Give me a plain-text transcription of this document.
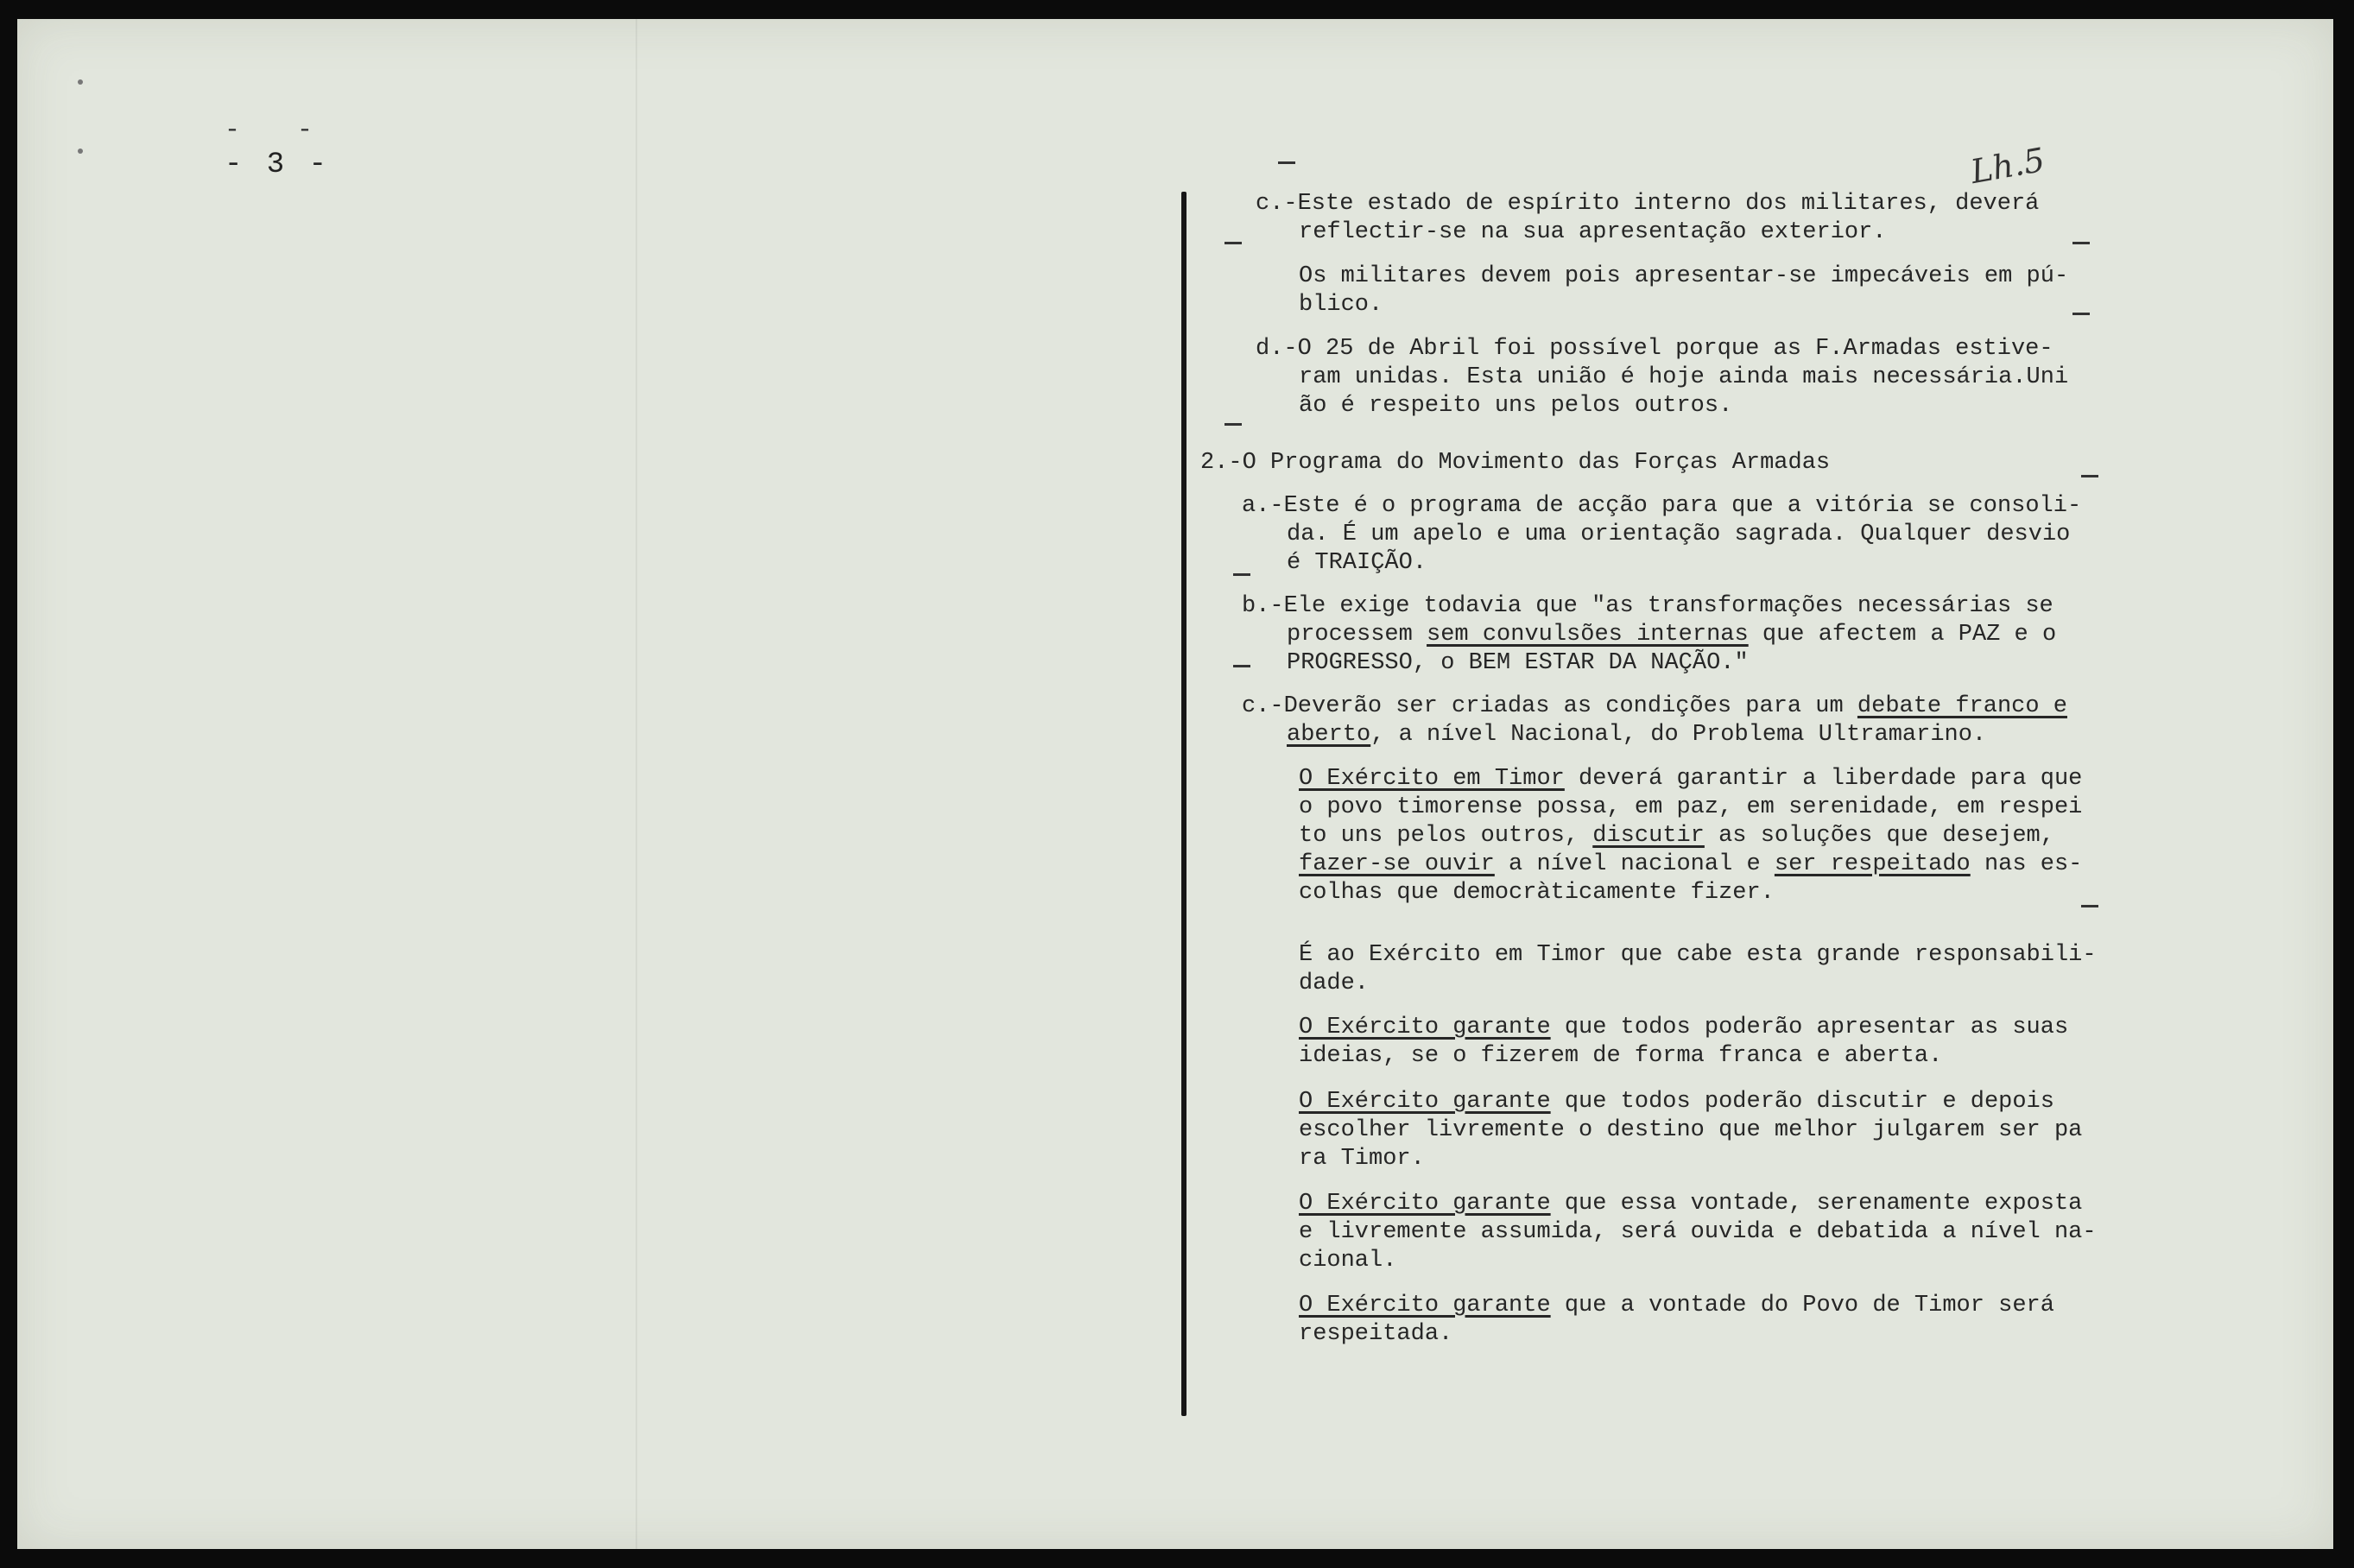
- -
- 3 -	Lh.5
c.-Este estado de espírito interno dos militares, deverá
reflectir-se na sua apresentação exterior.
Os militares devem pois apresentar-se impecáveis em pú-
blico.
d.-O 25 de Abril foi possível porque as F.Armadas estive-
ram unidas. Esta união é hoje ainda mais necessária.Uni
ão é respeito uns pelos outros.
2.-O Programa do Movimento das Forças Armadas
a.-Este é o programa de acção para que a vitória se consoli-
da. É um apelo e uma orientação sagrada. Qualquer desvio
é TRAIÇÃO.
b.-Ele exige todavia que "as transformações necessárias se
processem sem convulsões internas que afectem a PAZ e o
PROGRESSO, o BEM ESTAR DA NAÇÃO."
c.-Deverão ser criadas as condições para um debate franco e
aberto, a nível Nacional, do Problema Ultramarino.
O Exército em Timor deverá garantir a liberdade para que
o povo timorense possa, em paz, em serenidade, em respei
to uns pelos outros, discutir as soluções que desejem,
fazer-se ouvir a nível nacional e ser respeitado nas es-
colhas que democràticamente fizer.
É ao Exército em Timor que cabe esta grande responsabili-
dade.
O Exército garante que todos poderão apresentar as suas
ideias, se o fizerem de forma franca e aberta.
O Exército garante que todos poderão discutir e depois
escolher livremente o destino que melhor julgarem ser pa
ra Timor.
O Exército garante que essa vontade, serenamente exposta
e livremente assumida, será ouvida e debatida a nível na-
cional.
O Exército garante que a vontade do Povo de Timor será
respeitada.
